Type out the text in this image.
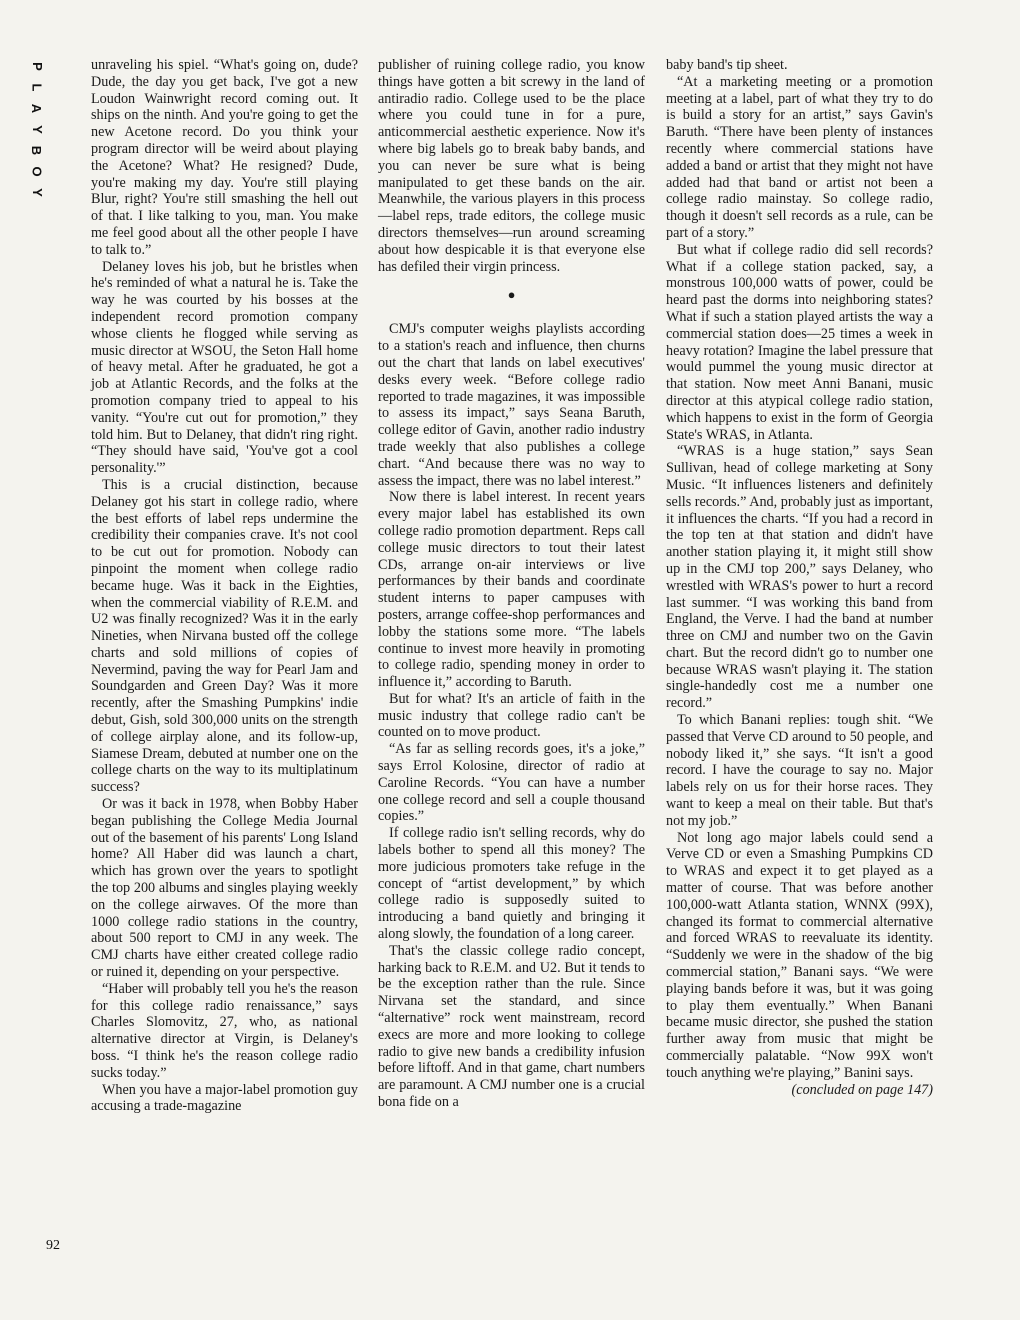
P
L
A
Y
B
O
Y

unraveling his spiel. “What's going on, dude? Dude, the day you get back, I've got a new Loudon Wainwright record coming out. It ships on the ninth. And you're going to get the new Acetone record. Do you think your program director will be weird about playing the Acetone? What? He resigned? Dude, you're making my day. You're still playing Blur, right? You're still smashing the hell out of that. I like talking to you, man. You make me feel good about all the other people I have to talk to.”

Delaney loves his job, but he bristles when he's reminded of what a natural he is. Take the way he was courted by his bosses at the independent record promotion company whose clients he flogged while serving as music director at WSOU, the Seton Hall home of heavy metal. After he graduated, he got a job at Atlantic Records, and the folks at the promotion company tried to appeal to his vanity. “You're cut out for promotion,” they told him. But to Delaney, that didn't ring right. “They should have said, 'You've got a cool personality.'”

This is a crucial distinction, because Delaney got his start in college radio, where the best efforts of label reps undermine the credibility their companies crave. It's not cool to be cut out for promotion. Nobody can pinpoint the moment when college radio became huge. Was it back in the Eighties, when the commercial viability of R.E.M. and U2 was finally recognized? Was it in the early Nineties, when Nirvana busted off the college charts and sold millions of copies of Nevermind, paving the way for Pearl Jam and Soundgarden and Green Day? Was it more recently, after the Smashing Pumpkins' indie debut, Gish, sold 300,000 units on the strength of college airplay alone, and its follow-up, Siamese Dream, debuted at number one on the college charts on the way to its multiplatinum success?

Or was it back in 1978, when Bobby Haber began publishing the College Media Journal out of the basement of his parents' Long Island home? All Haber did was launch a chart, which has grown over the years to spotlight the top 200 albums and singles playing weekly on the college airwaves. Of the more than 1000 college radio stations in the country, about 500 report to CMJ in any week. The CMJ charts have either created college radio or ruined it, depending on your perspective.

“Haber will probably tell you he's the reason for this college radio renaissance,” says Charles Slomovitz, 27, who, as national alternative director at Virgin, is Delaney's boss. “I think he's the reason college radio sucks today.”

When you have a major-label promotion guy accusing a trade-magazine

publisher of ruining college radio, you know things have gotten a bit screwy in the land of antiradio radio. College used to be the place where you could tune in for a pure, anticommercial aesthetic experience. Now it's where big labels go to break baby bands, and you can never be sure what is being manipulated to get these bands on the air. Meanwhile, the various players in this process—label reps, trade editors, the college music directors themselves—run around screaming about how despicable it is that everyone else has defiled their virgin princess.

●

CMJ's computer weighs playlists according to a station's reach and influence, then churns out the chart that lands on label executives' desks every week. “Before college radio reported to trade magazines, it was impossible to assess its impact,” says Seana Baruth, college editor of Gavin, another radio industry trade weekly that also publishes a college chart. “And because there was no way to assess the impact, there was no label interest.”

Now there is label interest. In recent years every major label has established its own college radio promotion department. Reps call college music directors to tout their latest CDs, arrange on-air interviews or live performances by their bands and coordinate student interns to paper campuses with posters, arrange coffee-shop performances and lobby the stations some more. “The labels continue to invest more heavily in promoting to college radio, spending money in order to influence it,” according to Baruth.

But for what? It's an article of faith in the music industry that college radio can't be counted on to move product.

“As far as selling records goes, it's a joke,” says Errol Kolosine, director of radio at Caroline Records. “You can have a number one college record and sell a couple thousand copies.”

If college radio isn't selling records, why do labels bother to spend all this money? The more judicious promoters take refuge in the concept of “artist development,” by which college radio is supposedly suited to introducing a band quietly and bringing it along slowly, the foundation of a long career.

That's the classic college radio concept, harking back to R.E.M. and U2. But it tends to be the exception rather than the rule. Since Nirvana set the standard, and since “alternative” rock went mainstream, record execs are more and more looking to college radio to give new bands a credibility infusion before liftoff. And in that game, chart numbers are paramount. A CMJ number one is a crucial bona fide on a

baby band's tip sheet.

“At a marketing meeting or a promotion meeting at a label, part of what they try to do is build a story for an artist,” says Gavin's Baruth. “There have been plenty of instances recently where commercial stations have added a band or artist that they might not have added had that band or artist not been a college radio mainstay. So college radio, though it doesn't sell records as a rule, can be part of a story.”

But what if college radio did sell records? What if a college station packed, say, a monstrous 100,000 watts of power, could be heard past the dorms into neighboring states? What if such a station played artists the way a commercial station does—25 times a week in heavy rotation? Imagine the label pressure that would pummel the young music director at that station. Now meet Anni Banani, music director at this atypical college radio station, which happens to exist in the form of Georgia State's WRAS, in Atlanta.

“WRAS is a huge station,” says Sean Sullivan, head of college marketing at Sony Music. “It influences listeners and definitely sells records.” And, probably just as important, it influences the charts. “If you had a record in the top ten at that station and didn't have another station playing it, it might still show up in the CMJ top 200,” says Delaney, who wrestled with WRAS's power to hurt a record last summer. “I was working this band from England, the Verve. I had the band at number three on CMJ and number two on the Gavin chart. But the record didn't go to number one because WRAS wasn't playing it. The station single-handedly cost me a number one record.”

To which Banani replies: tough shit. “We passed that Verve CD around to 50 people, and nobody liked it,” she says. “It isn't a good record. I have the courage to say no. Major labels rely on us for their horse races. They want to keep a meal on their table. But that's not my job.”

Not long ago major labels could send a Verve CD or even a Smashing Pumpkins CD to WRAS and expect it to get played as a matter of course. That was before another 100,000-watt Atlanta station, WNNX (99X), changed its format to commercial alternative and forced WRAS to reevaluate its identity. “Suddenly we were in the shadow of the big commercial station,” Banani says. “We were playing bands before it was, but it was going to play them eventually.” When Banani became music director, she pushed the station further away from music that might be commercially palatable. “Now 99X won't touch anything we're playing,” Banini says.

(concluded on page 147)

92
